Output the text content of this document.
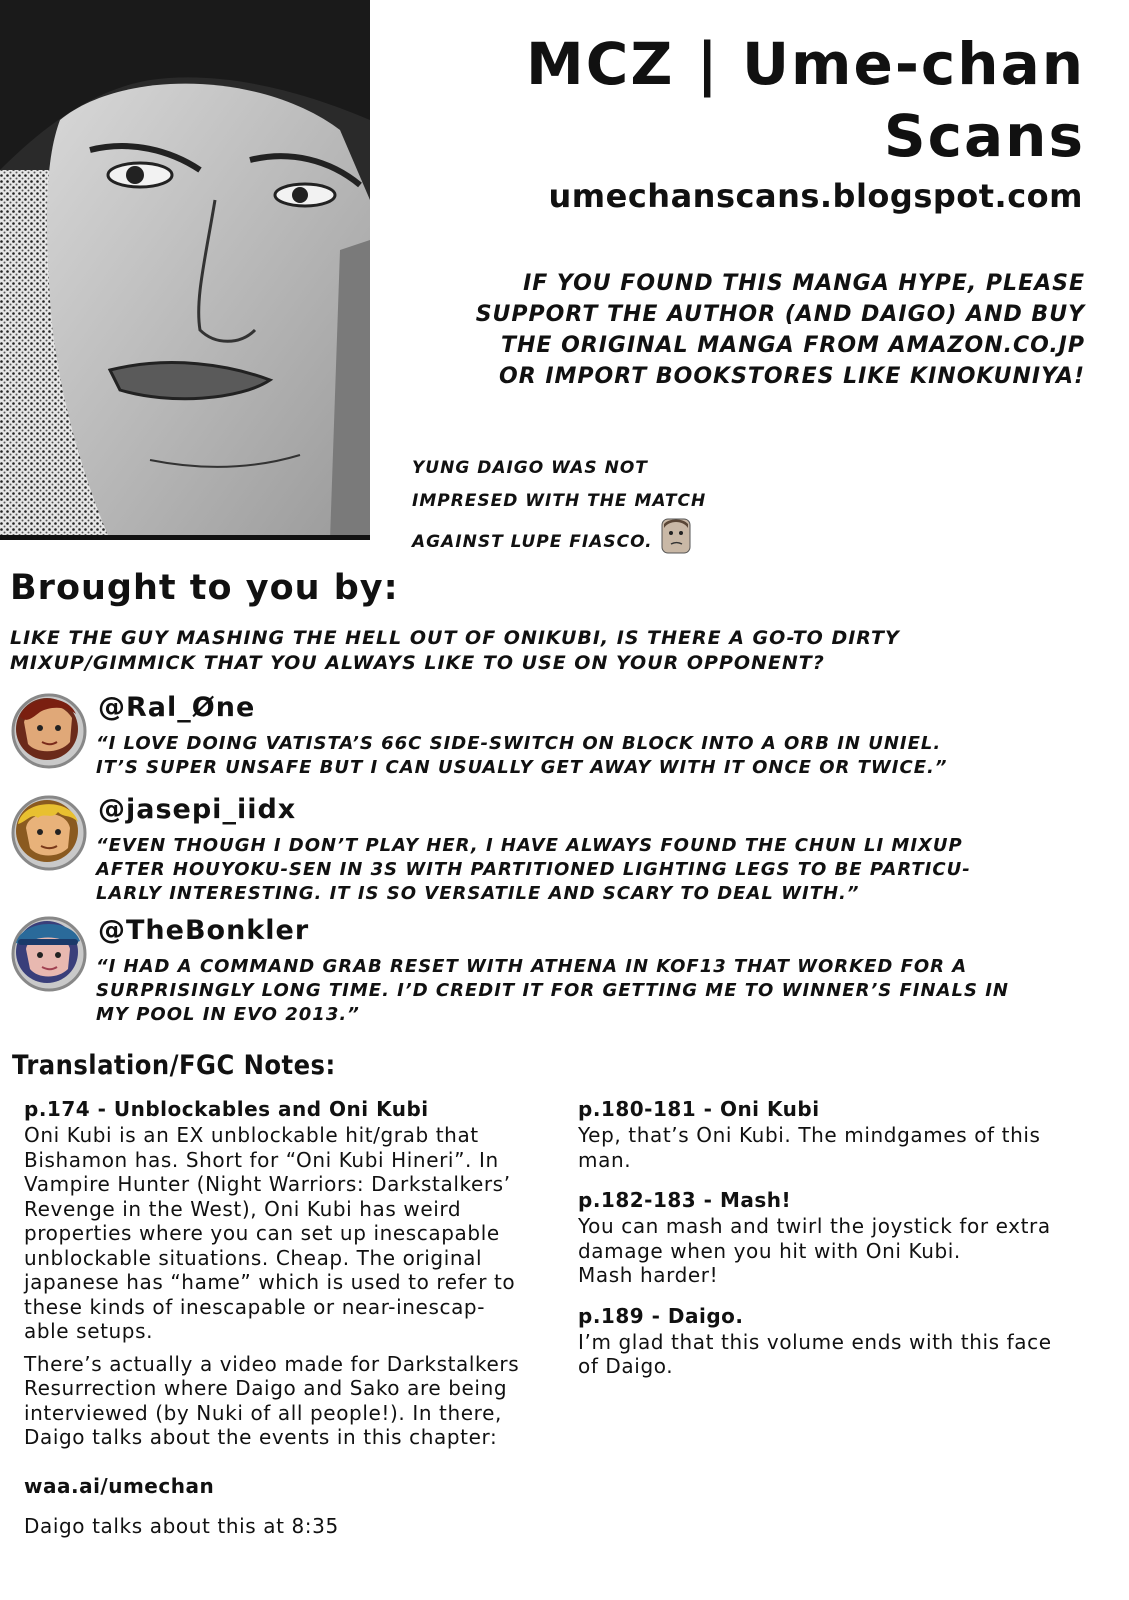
MCZ | Ume-chan
Scans
umechanscans.blogspot.com

IF YOU FOUND THIS MANGA HYPE, PLEASE

SUPPORT THE AUTHOR (AND DAIGO) AND BUY

THE ORIGINAL MANGA FROM AMAZON.CO.JP

OR IMPORT BOOKSTORES LIKE KINOKUNIYA!

YUNG DAIGO WAS NOT

IMPRESED WITH THE MATCH

AGAINST LUPE FIASCO.

Brought to you by:

LIKE THE GUY MASHING THE HELL OUT OF ONIKUBI, IS THERE A GO-TO DIRTY

MIXUP/GIMMICK THAT YOU ALWAYS LIKE TO USE ON YOUR OPPONENT?

@Ral_Øne

“I LOVE DOING VATISTA’S 66C SIDE-SWITCH ON BLOCK INTO A ORB IN UNIEL.

IT’S SUPER UNSAFE BUT I CAN USUALLY GET AWAY WITH IT ONCE OR TWICE.”

@jasepi_iidx

“EVEN THOUGH I DON’T PLAY HER, I HAVE ALWAYS FOUND THE CHUN LI MIXUP

AFTER HOUYOKU-SEN IN 3S WITH PARTITIONED LIGHTING LEGS TO BE PARTICU-

LARLY INTERESTING. IT IS SO VERSATILE AND SCARY TO DEAL WITH.”

@TheBonkler

“I HAD A COMMAND GRAB RESET WITH ATHENA IN KOF13 THAT WORKED FOR A

SURPRISINGLY LONG TIME. I’D CREDIT IT FOR GETTING ME TO WINNER’S FINALS IN

MY POOL IN EVO 2013.”

Translation/FGC Notes:
p.174 - Unblockables and Oni Kubi

Oni Kubi is an EX unblockable hit/grab that

Bishamon has. Short for “Oni Kubi Hineri”. In

Vampire Hunter (Night Warriors: Darkstalkers’

Revenge in the West), Oni Kubi has weird

properties where you can set up inescapable

unblockable situations. Cheap. The original

japanese has “hame” which is used to refer to

these kinds of inescapable or near-inescap-

able setups.

There’s actually a video made for Darkstalkers

Resurrection where Daigo and Sako are being

interviewed (by Nuki of all people!). In there,

Daigo talks about the events in this chapter:

waa.ai/umechan

Daigo talks about this at 8:35

p.180-181 - Oni Kubi

Yep, that’s Oni Kubi. The mindgames of this

man.

p.182-183 - Mash!

You can mash and twirl the joystick for extra

damage when you hit with Oni Kubi.

Mash harder!

p.189 - Daigo.

I’m glad that this volume ends with this face

of Daigo.
